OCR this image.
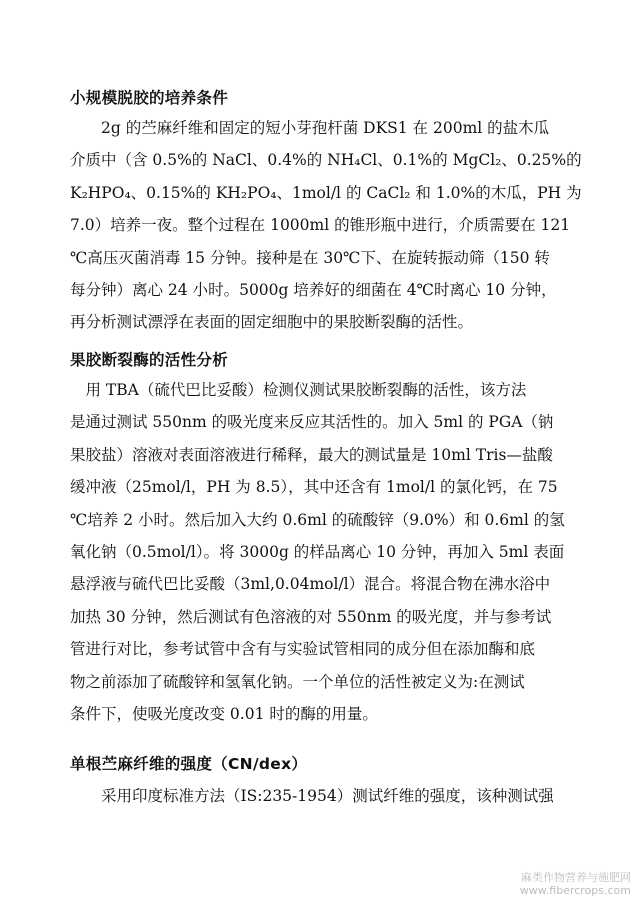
小规模脱胶的培养条件
　　2g 的苎麻纤维和固定的短小芽孢杆菌 DKS1 在 200ml 的盐木瓜
介质中（含 0.5%的 NaCl、0.4%的 NH₄Cl、0.1%的 MgCl₂、0.25%的
K₂HPO₄、0.15%的 KH₂PO₄、1mol/l 的 CaCl₂ 和 1.0%的木瓜，PH 为
7.0）培养一夜。整个过程在 1000ml 的锥形瓶中进行，介质需要在 121
℃高压灭菌消毒 15 分钟。接种是在 30℃下、在旋转振动筛（150 转
每分钟）离心 24 小时。5000g 培养好的细菌在 4℃时离心 10 分钟，
再分析测试漂浮在表面的固定细胞中的果胶断裂酶的活性。
果胶断裂酶的活性分析
　用 TBA（硫代巴比妥酸）检测仪测试果胶断裂酶的活性，该方法
是通过测试 550nm 的吸光度来反应其活性的。加入 5ml 的 PGA（钠
果胶盐）溶液对表面溶液进行稀释，最大的测试量是 10ml Tris—盐酸
缓冲液（25mol/l，PH 为 8.5），其中还含有 1mol/l 的氯化钙，在 75
℃培养 2 小时。然后加入大约 0.6ml 的硫酸锌（9.0%）和 0.6ml 的氢
氧化钠（0.5mol/l）。将 3000g 的样品离心 10 分钟，再加入 5ml 表面
悬浮液与硫代巴比妥酸（3ml,0.04mol/l）混合。将混合物在沸水浴中
加热 30 分钟，然后测试有色溶液的对 550nm 的吸光度，并与参考试
管进行对比，参考试管中含有与实验试管相同的成分但在添加酶和底
物之前添加了硫酸锌和氢氧化钠。一个单位的活性被定义为:在测试
条件下，使吸光度改变 0.01 时的酶的用量。
单根苎麻纤维的强度（CN/dex）
　　采用印度标准方法（IS:235-1954）测试纤维的强度，该种测试强
麻类作物营养与施肥网
www.fibercrops.com
